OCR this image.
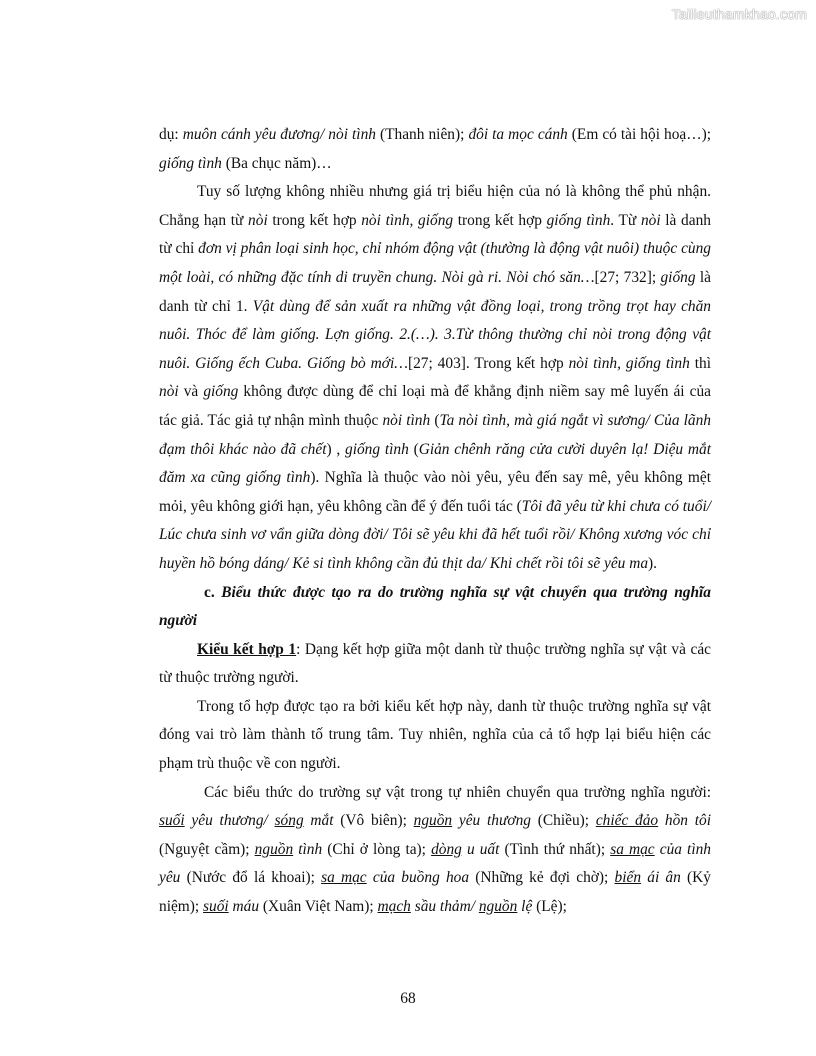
Tailieuthamkhao.com

dụ: muôn cánh yêu đương/ nòi tình (Thanh niên); đôi ta mọc cánh (Em có tài hội hoạ…); giống tình (Ba chục năm)…

Tuy số lượng không nhiều nhưng giá trị biểu hiện của nó là không thể phủ nhận. Chẳng hạn từ nòi trong kết hợp nòi tình, giống trong kết hợp giống tình. Từ nòi là danh từ chỉ đơn vị phân loại sinh học, chỉ nhóm động vật (thường là động vật nuôi) thuộc cùng một loài, có những đặc tính di truyền chung. Nòi gà ri. Nòi chó săn…[27; 732]; giống là danh từ chỉ 1. Vật dùng để sản xuất ra những vật đồng loại, trong trồng trọt hay chăn nuôi. Thóc để làm giống. Lợn giống. 2.(…). 3.Từ thông thường chỉ nòi trong động vật nuôi. Giống ếch Cuba. Giống bò mới…[27; 403]. Trong kết hợp nòi tình, giống tình thì nòi và giống không được dùng để chỉ loại mà để khẳng định niềm say mê luyến ái của tác giả. Tác giả tự nhận mình thuộc nòi tình (Ta nòi tình, mà giá ngắt vì sương/ Của lãnh đạm thôi khác nào đã chết) , giống tình (Giản chênh răng cửa cười duyên lạ! Diệu mắt đăm xa cũng giống tình). Nghĩa là thuộc vào nòi yêu, yêu đến say mê, yêu không mệt mỏi, yêu không giới hạn, yêu không cần để ý đến tuổi tác (Tôi đã yêu từ khi chưa có tuổi/ Lúc chưa sinh vơ vẩn giữa dòng đời/ Tôi sẽ yêu khi đã hết tuổi rồi/ Không xương vóc chỉ huyền hồ bóng dáng/ Kẻ si tình không cần đủ thịt da/ Khi chết rồi tôi sẽ yêu ma).

c. Biểu thức được tạo ra do trường nghĩa sự vật chuyển qua trường nghĩa người

Kiểu kết hợp 1: Dạng kết hợp giữa một danh từ thuộc trường nghĩa sự vật và các từ thuộc trường người.

Trong tổ hợp được tạo ra bởi kiểu kết hợp này, danh từ thuộc trường nghĩa sự vật đóng vai trò làm thành tố trung tâm. Tuy nhiên, nghĩa của cả tổ hợp lại biểu hiện các phạm trù thuộc về con người.

Các biểu thức do trường sự vật trong tự nhiên chuyển qua trường nghĩa người: suối yêu thương/ sóng mắt (Vô biên); nguồn yêu thương (Chiều); chiếc đảo hồn tôi (Nguyệt cầm); nguồn tình (Chỉ ở lòng ta); dòng u uất (Tình thứ nhất); sa mạc của tình yêu (Nước đổ lá khoai); sa mạc của buồng hoa (Những kẻ đợi chờ); biển ái ân (Kỷ niệm); suối máu (Xuân Việt Nam); mạch sầu thảm/ nguồn lệ (Lệ);

68
